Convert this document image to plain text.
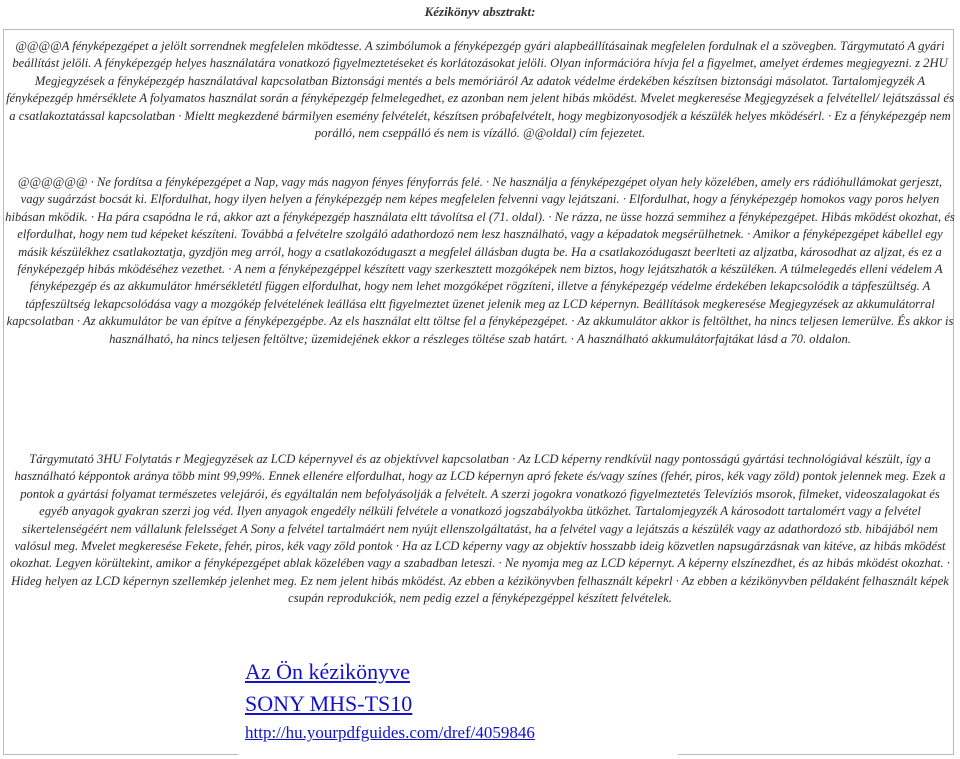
Kézikönyv absztrakt:
@@@@A fényképezgépet a jelölt sorrendnek megfelelen mködtesse. A szimbólumok a fényképezgép gyári alapbeállításainak megfelelen fordulnak el a szövegben. Tárgymutató A gyári beállítást jelöli. A fényképezgép helyes használatára vonatkozó figyelmeztetéseket és korlátozásokat jelöli. Olyan információra hívja fel a figyelmet, amelyet érdemes megjegyezni. z 2HU Megjegyzések a fényképezgép használatával kapcsolatban Biztonsági mentés a bels memóriáról Az adatok védelme érdekében készítsen biztonsági másolatot. Tartalomjegyzék A fényképezgép hmérséklete A folyamatos használat során a fényképezgép felmelegedhet, ez azonban nem jelent hibás mködést. Mvelet megkeresése Megjegyzések a felvétellel/ lejátszással és a csatlakoztatással kapcsolatban · Mieltt megkezdené bármilyen esemény felvételét, készítsen próbafelvételt, hogy megbizonyosodjék a készülék helyes mködésérl. · Ez a fényképezgép nem porálló, nem cseppálló és nem is vízálló. @@oldal) cím fejezetet.
@@@@@@ · Ne fordítsa a fényképezgépet a Nap, vagy más nagyon fényes fényforrás felé. · Ne használja a fényképezgépet olyan hely közelében, amely ers rádióhullámokat gerjeszt, vagy sugárzást bocsát ki. Elfordulhat, hogy ilyen helyen a fényképezgép nem képes megfelelen felvenni vagy lejátszani. · Elfordulhat, hogy a fényképezgép homokos vagy poros helyen hibásan mködik. · Ha pára csapódna le rá, akkor azt a fényképezgép használata eltt távolítsa el (71. oldal). · Ne rázza, ne üsse hozzá semmihez a fényképezgépet. Hibás mködést okozhat, és elfordulhat, hogy nem tud képeket készíteni. Továbbá a felvételre szolgáló adathordozó nem lesz használható, vagy a képadatok megsérülhetnek. · Amikor a fényképezgépet kábellel egy másik készülékhez csatlakoztatja, gyzdjön meg arról, hogy a csatlakozódugaszt a megfelel állásban dugta be. Ha a csatlakozódugaszt beerlteti az aljzatba, károsodhat az aljzat, és ez a fényképezgép hibás mködéséhez vezethet. · A nem a fényképezgéppel készített vagy szerkesztett mozgóképek nem biztos, hogy lejátszhatók a készüléken. A túlmelegedés elleni védelem A fényképezgép és az akkumulátor hmérsékletétl függen elfordulhat, hogy nem lehet mozgóképet rögzíteni, illetve a fényképezgép védelme érdekében lekapcsolódik a tápfeszültség. A tápfeszültség lekapcsolódása vagy a mozgókép felvételének leállása eltt figyelmeztet üzenet jelenik meg az LCD képernyn. Beállítások megkeresése Megjegyzések az akkumulátorral kapcsolatban · Az akkumulátor be van építve a fényképezgépbe. Az els használat eltt töltse fel a fényképezgépet. · Az akkumulátor akkor is feltölthet, ha nincs teljesen lemerülve. És akkor is használható, ha nincs teljesen feltöltve; üzemidejének ekkor a részleges töltése szab határt. · A használható akkumulátorfajtákat lásd a 70. oldalon.
Tárgymutató 3HU Folytatás r Megjegyzések az LCD képernyvel és az objektívvel kapcsolatban · Az LCD képerny rendkívül nagy pontosságú gyártási technológiával készült, így a használható képpontok aránya több mint 99,99%. Ennek ellenére elfordulhat, hogy az LCD képernyn apró fekete és/vagy színes (fehér, piros, kék vagy zöld) pontok jelennek meg. Ezek a pontok a gyártási folyamat természetes velejárói, és egyáltalán nem befolyásolják a felvételt. A szerzi jogokra vonatkozó figyelmeztetés Televíziós msorok, filmeket, videoszalagokat és egyéb anyagok gyakran szerzi jog véd. Ilyen anyagok engedély nélküli felvétele a vonatkozó jogszabályokba ütközhet. Tartalomjegyzék A károsodott tartalomért vagy a felvétel sikertelenségéért nem vállalunk felelsséget A Sony a felvétel tartalmáért nem nyújt ellenszolgáltatást, ha a felvétel vagy a lejátszás a készülék vagy az adathordozó stb. hibájából nem valósul meg. Mvelet megkeresése Fekete, fehér, piros, kék vagy zöld pontok · Ha az LCD képerny vagy az objektív hosszabb ideig közvetlen napsugárzásnak van kitéve, az hibás mködést okozhat. Legyen körültekint, amikor a fényképezgépet ablak közelében vagy a szabadban leteszi. · Ne nyomja meg az LCD képernyt. A képerny elszínezdhet, és az hibás mködést okozhat. · Hideg helyen az LCD képernyn szellemkép jelenhet meg. Ez nem jelent hibás mködést. Az ebben a kézikönyvben felhasznált képekrl · Az ebben a kézikönyvben példaként felhasznált képek csupán reprodukciók, nem pedig ezzel a fényképezgéppel készített felvételek.
Az Ön kézikönyve
SONY MHS-TS10
http://hu.yourpdfguides.com/dref/4059846
